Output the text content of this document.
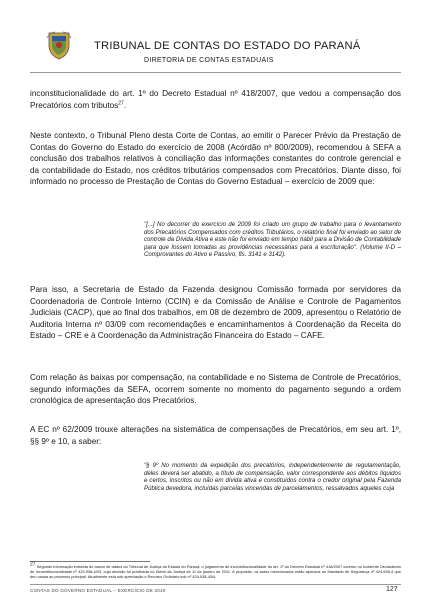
TRIBUNAL DE CONTAS DO ESTADO DO PARANÁ
DIRETORIA DE CONTAS ESTADUAIS
inconstitucionalidade do art. 1º do Decreto Estadual nº 418/2007, que vedou a compensação dos Precatórios com tributos$^{27}$.
Neste contexto, o Tribunal Pleno desta Corte de Contas, ao emitir o Parecer Prévio da Prestação de Contas do Governo do Estado do exercício de 2008 (Acórdão nº 800/2009), recomendou à SEFA a conclusão dos trabalhos relativos à conciliação das informações constantes do controle gerencial e da contabilidade do Estado, nos créditos tributários compensados com Precatórios. Diante disso, foi informado no processo de Prestação de Contas do Governo Estadual – exercício de 2009 que:
"[...] No decorrer do exercício de 2009 foi criado um grupo de trabalho para o levantamento dos Precatórios Compensados com créditos Tributários, o relatório final foi enviado ao setor de controle da Dívida Ativa e este não foi enviado em tempo hábil para a Divisão de Contabilidade para que fossem tomadas as providências necessárias para a escrituração". (Volume II-D – Comprovantes do Ativo e Passivo, fls. 3141 e 3142).
Para isso, a Secretaria de Estado da Fazenda designou Comissão formada por servidores da Coordenadoria de Controle Interno (CCIN) e da Comissão de Análise e Controle de Pagamentos Judiciais (CACP), que ao final dos trabalhos, em 08 de dezembro de 2009, apresentou o Relatório de Auditoria Interna nº 03/09 com recomendações e encaminhamentos à Coordenação da Receita do Estado – CRE e à Coordenação da Administração Financeira do Estado – CAFE.
Com relação às baixas por compensação, na contabilidade e no Sistema de Controle de Precatórios, segundo informações da SEFA, ocorrem somente no momento do pagamento segundo a ordem cronológica de apresentação dos Precatórios.
A EC nº 62/2009 trouxe alterações na sistemática de compensações de Precatórios, em seu art. 1º, §§ 9º e 10, a saber:
"§ 9º No momento da expedição dos precatórios, independentemente de regulamentação, deles deverá ser abatido, a título de compensação, valor correspondente aos débitos líquidos e certos, inscritos ou não em dívida ativa e constituídos contra o credor original pela Fazenda Pública devedora, incluídas parcelas vincendas de parcelamentos, ressalvados aqueles cuja
$^{27}$ Segundo informação extraída do banco de dados do Tribunal de Justiça do Estado do Paraná, o julgamento de inconstitucionalidade do art. 1º do Decreto Estadual nº 418/2007 ocorreu no Incidente Declaratório de Inconstitucionalidade nº 424.938-4/03, cuja decisão foi publicada no Diário da Justiça de 11 de janeiro de 2011. A propósito, os autos mencionados estão apensos ao Mandado de Segurança nº 424.938-4 que deu causa ao processo principal. Atualmente está sob apreciação o Recurso Ordinário sob nº 424.938-4/04.
CONTAS DO GOVERNO ESTADUAL – EXERCÍCIO DE 2010	127
